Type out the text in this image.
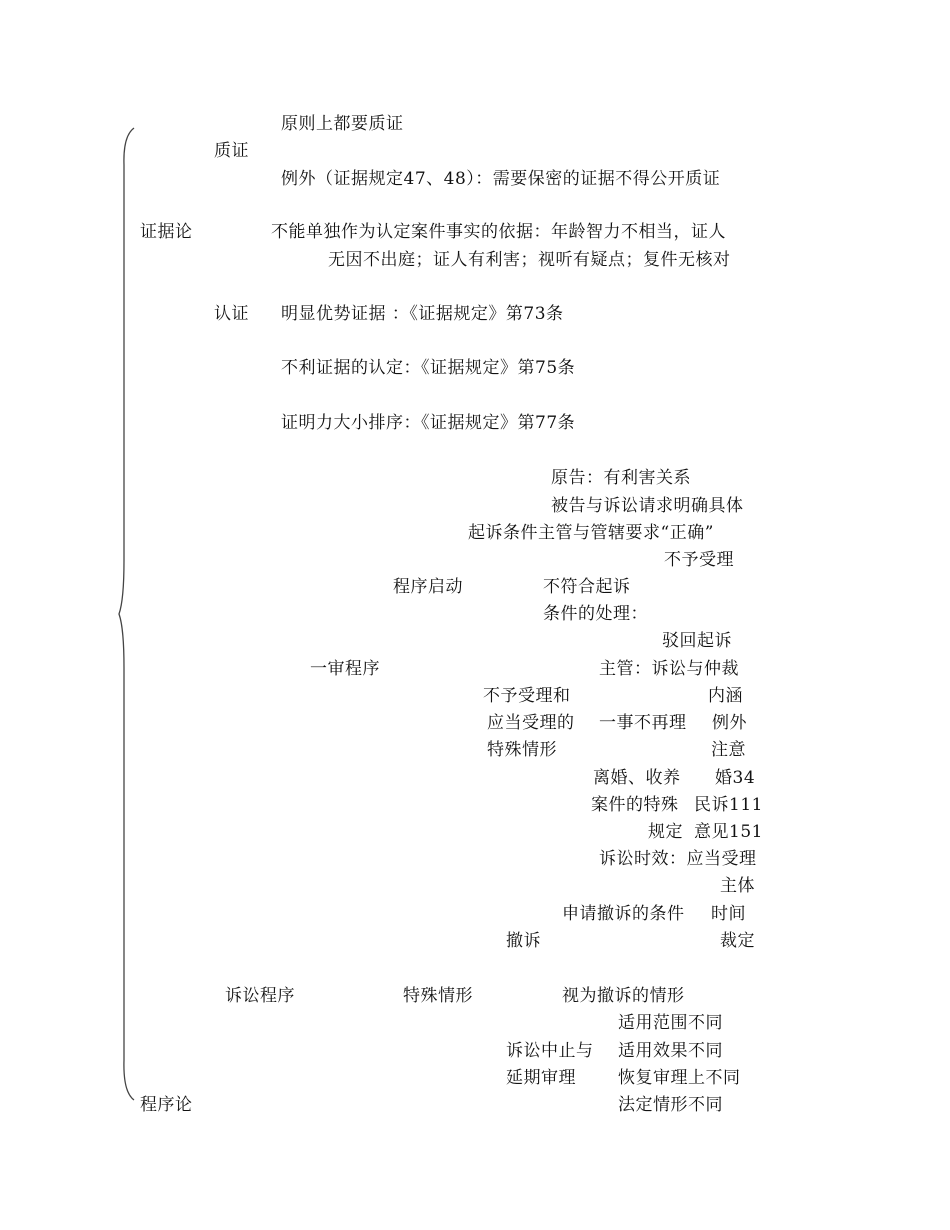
原则上都要质证
质证
例外（证据规定47、48）：需要保密的证据不得公开质证
证据论	不能单独作为认定案件事实的依据：年龄智力不相当，证人
无因不出庭；证人有利害；视听有疑点；复件无核对
认证 明显优势证据 ：《证据规定》第73条
不利证据的认定：《证据规定》第75条
证明力大小排序：《证据规定》第77条
原告：有利害关系
被告与诉讼请求明确具体
起诉条件主管与管辖要求“正确”
不予受理
程序启动	不符合起诉
条件的处理：
驳回起诉
一审程序	主管：诉讼与仲裁
不予受理和	内涵
应当受理的 一事不再理 例外
特殊情形	注意
离婚、收养 婚34
案件的特殊 民诉111
规定 意见151
诉讼时效：应当受理
主体
申请撤诉的条件 时间
撤诉	裁定
诉讼程序	特殊情形	视为撤诉的情形
适用范围不同
诉讼中止与 适用效果不同
延期审理 恢复审理上不同
程序论	法定情形不同
